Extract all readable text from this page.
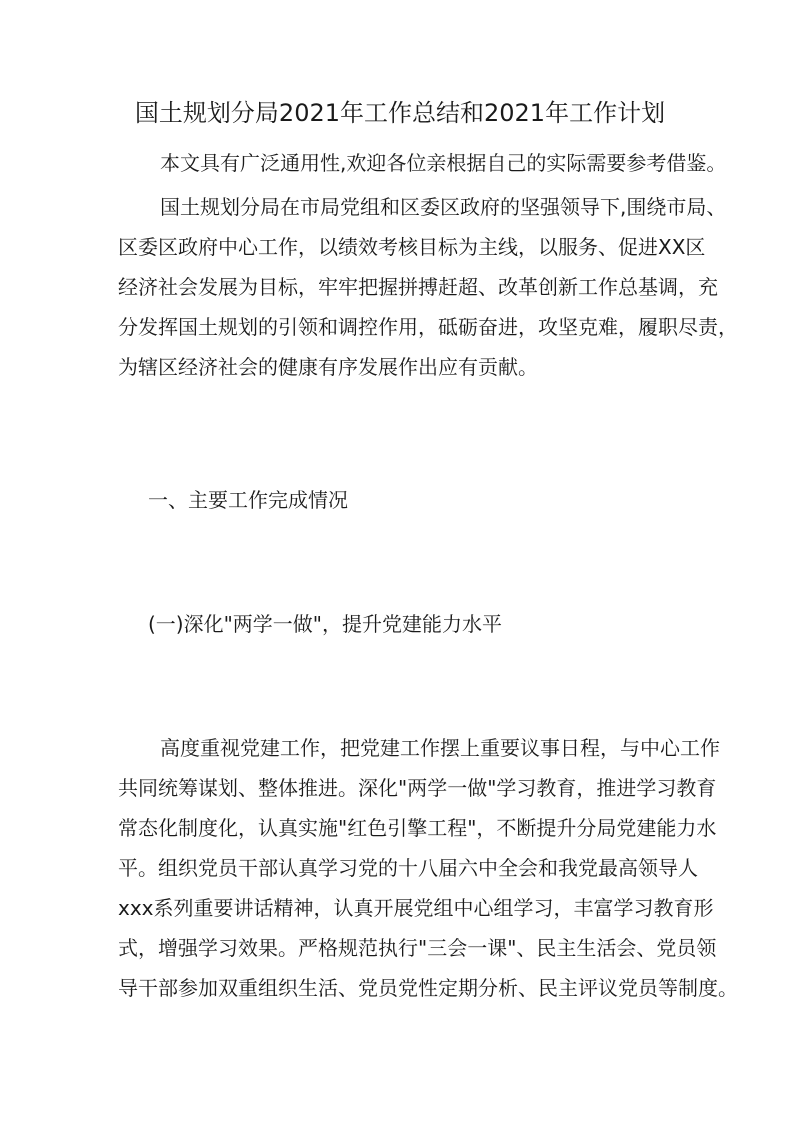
国土规划分局2021年工作总结和2021年工作计划
本文具有广泛通用性,欢迎各位亲根据自己的实际需要参考借鉴。
国土规划分局在市局党组和区委区政府的坚强领导下,围绕市局、
区委区政府中心工作，以绩效考核目标为主线，以服务、促进XX区
经济社会发展为目标，牢牢把握拼搏赶超、改革创新工作总基调，充
分发挥国土规划的引领和调控作用，砥砺奋进，攻坚克难，履职尽责，
为辖区经济社会的健康有序发展作出应有贡献。
一、主要工作完成情况
(一)深化"两学一做"，提升党建能力水平
高度重视党建工作，把党建工作摆上重要议事日程，与中心工作
共同统筹谋划、整体推进。深化"两学一做"学习教育，推进学习教育
常态化制度化，认真实施"红色引擎工程"，不断提升分局党建能力水
平。组织党员干部认真学习党的十八届六中全会和我党最高领导人
xxx系列重要讲话精神，认真开展党组中心组学习，丰富学习教育形
式，增强学习效果。严格规范执行"三会一课"、民主生活会、党员领
导干部参加双重组织生活、党员党性定期分析、民主评议党员等制度。
